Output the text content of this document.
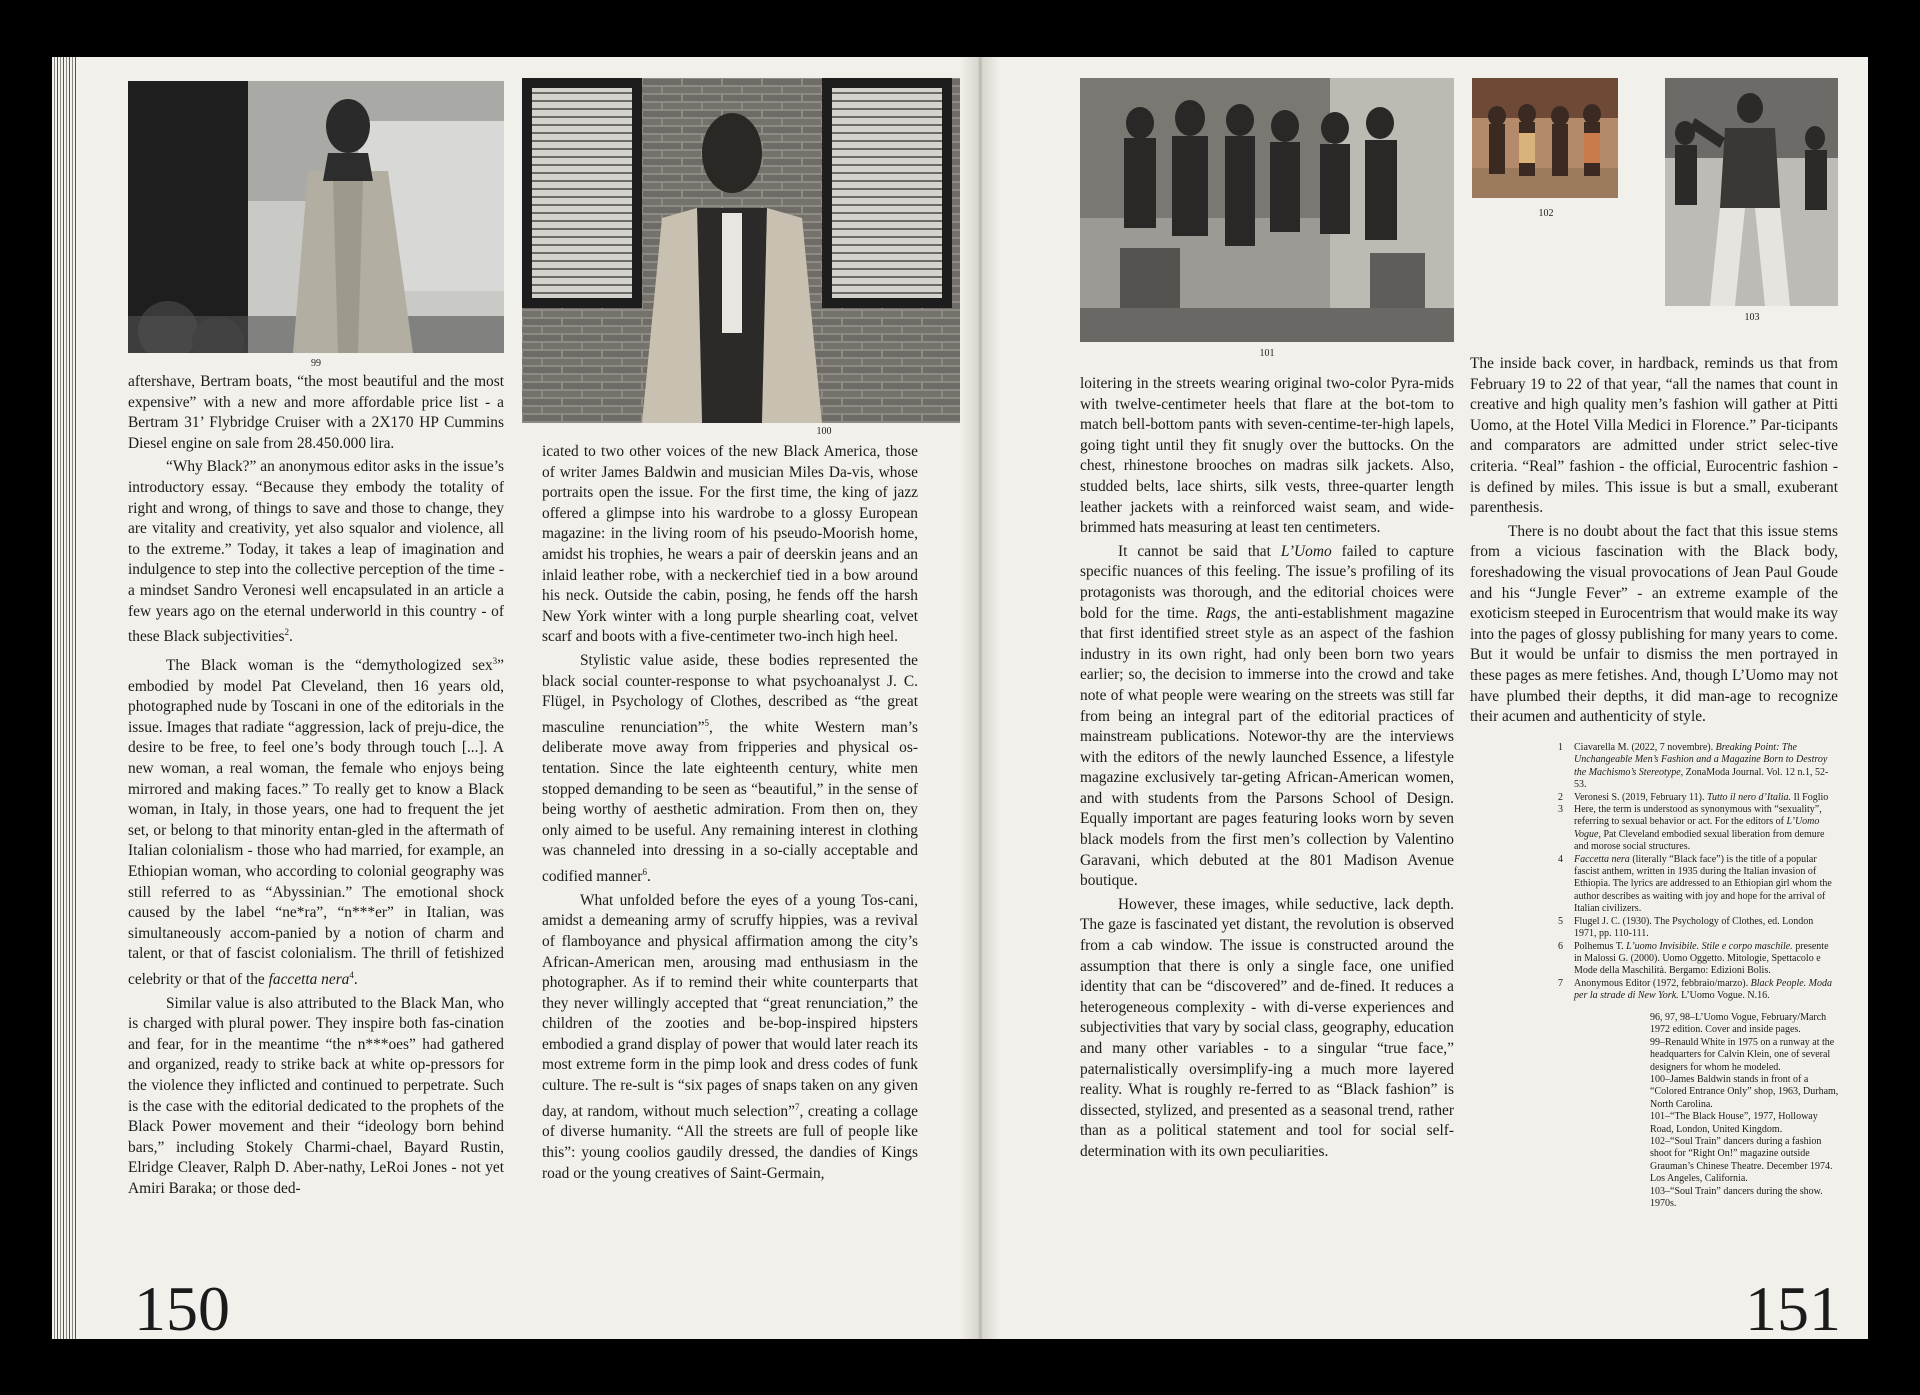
99
100

aftershave, Bertram boats, “the most beautiful and the most expensive” with a new and more affordable price list - a Bertram 31’ Flybridge Cruiser with a 2X170 HP Cummins Diesel engine on sale from 28.450.000 lira.

“Why Black?” an anonymous editor asks in the issue’s introductory essay. “Because they embody the totality of right and wrong, of things to save and those to change, they are vitality and creativity, yet also squalor and violence, all to the extreme.” Today, it takes a leap of imagination and indulgence to step into the collective perception of the time - a mindset Sandro Veronesi well encapsulated in an article a few years ago on the eternal underworld in this country - of these Black subjectivities$^2$.

The Black woman is the “demythologized sex$^3$” embodied by model Pat Cleveland, then 16 years old, photographed nude by Toscani in one of the editorials in the issue. Images that radiate “aggression, lack of preju-dice, the desire to be free, to feel one’s body through touch [...]. A new woman, a real woman, the female who enjoys being mirrored and making faces.” To really get to know a Black woman, in Italy, in those years, one had to frequent the jet set, or belong to that minority entan-gled in the aftermath of Italian colonialism - those who had married, for example, an Ethiopian woman, who according to colonial geography was still referred to as “Abyssinian.” The emotional shock caused by the label “ne*ra”, “n***er” in Italian, was simultaneously accom-panied by a notion of charm and talent, or that of fascist colonialism. The thrill of fetishized celebrity or that of the faccetta nera$^4$.

Similar value is also attributed to the Black Man, who is charged with plural power. They inspire both fas-cination and fear, for in the meantime “the n***oes” had gathered and organized, ready to strike back at white op-pressors for the violence they inflicted and continued to perpetrate. Such is the case with the editorial dedicated to the prophets of the Black Power movement and their “ideology born behind bars,” including Stokely Charmi-chael, Bayard Rustin, Elridge Cleaver, Ralph D. Aber-nathy, LeRoi Jones - not yet Amiri Baraka; or those ded-

icated to two other voices of the new Black America, those of writer James Baldwin and musician Miles Da-vis, whose portraits open the issue. For the first time, the king of jazz offered a glimpse into his wardrobe to a glossy European magazine: in the living room of his pseudo-Moorish home, amidst his trophies, he wears a pair of deerskin jeans and an inlaid leather robe, with a neckerchief tied in a bow around his neck. Outside the cabin, posing, he fends off the harsh New York winter with a long purple shearling coat, velvet scarf and boots with a five-centimeter two-inch high heel.

Stylistic value aside, these bodies represented the black social counter-response to what psychoanalyst J. C. Flügel, in Psychology of Clothes, described as “the great masculine renunciation”$^5$, the white Western man’s deliberate move away from fripperies and physical os-tentation. Since the late eighteenth century, white men stopped demanding to be seen as “beautiful,” in the sense of being worthy of aesthetic admiration. From then on, they only aimed to be useful. Any remaining interest in clothing was channeled into dressing in a so-cially acceptable and codified manner$^6$.

What unfolded before the eyes of a young Tos-cani, amidst a demeaning army of scruffy hippies, was a revival of flamboyance and physical affirmation among the city’s African-American men, arousing mad enthusiasm in the photographer. As if to remind their white counterparts that they never willingly accepted that “great renunciation,” the children of the zooties and be-bop-inspired hipsters embodied a grand display of power that would later reach its most extreme form in the pimp look and dress codes of funk culture. The re-sult is “six pages of snaps taken on any given day, at random, without much selection”$^7$, creating a collage of diverse humanity. “All the streets are full of people like this”: young coolios gaudily dressed, the dandies of Kings road or the young creatives of Saint-Germain,

150
101
102
103

loitering in the streets wearing original two-color Pyra-mids with twelve-centimeter heels that flare at the bot-tom to match bell-bottom pants with seven-centime-ter-high lapels, going tight until they fit snugly over the buttocks. On the chest, rhinestone brooches on madras silk jackets. Also, studded belts, lace shirts, silk vests, three-quarter length leather jackets with a reinforced waist seam, and wide-brimmed hats measuring at least ten centimeters.

It cannot be said that L’Uomo failed to capture specific nuances of this feeling. The issue’s profiling of its protagonists was thorough, and the editorial choices were bold for the time. Rags, the anti-establishment magazine that first identified street style as an aspect of the fashion industry in its own right, had only been born two years earlier; so, the decision to immerse into the crowd and take note of what people were wearing on the streets was still far from being an integral part of the editorial practices of mainstream publications. Notewor-thy are the interviews with the editors of the newly launched Essence, a lifestyle magazine exclusively tar-geting African-American women, and with students from the Parsons School of Design. Equally important are pages featuring looks worn by seven black models from the first men’s collection by Valentino Garavani, which debuted at the 801 Madison Avenue boutique.

However, these images, while seductive, lack depth. The gaze is fascinated yet distant, the revolution is observed from a cab window. The issue is constructed around the assumption that there is only a single face, one unified identity that can be “discovered” and de-fined. It reduces a heterogeneous complexity - with di-verse experiences and subjectivities that vary by social class, geography, education and many other variables - to a singular “true face,” paternalistically oversimplify-ing a much more layered reality. What is roughly re-ferred to as “Black fashion” is dissected, stylized, and presented as a seasonal trend, rather than as a political statement and tool for social self-determination with its own peculiarities.

The inside back cover, in hardback, reminds us that from February 19 to 22 of that year, “all the names that count in creative and high quality men’s fashion will gather at Pitti Uomo, at the Hotel Villa Medici in Florence.” Par-ticipants and comparators are admitted under strict selec-tive criteria. “Real” fashion - the official, Eurocentric fashion - is defined by miles. This issue is but a small, exuberant parenthesis.

There is no doubt about the fact that this issue stems from a vicious fascination with the Black body, foreshadowing the visual provocations of Jean Paul Goude and his “Jungle Fever” - an extreme example of the exoticism steeped in Eurocentrism that would make its way into the pages of glossy publishing for many years to come. But it would be unfair to dismiss the men portrayed in these pages as mere fetishes. And, though L’Uomo may not have plumbed their depths, it did man-age to recognize their acumen and authenticity of style.

1 Ciavarella M. (2022, 7 novembre). Breaking Point: The Unchangeable Men’s Fashion and a Magazine Born to Destroy the Machismo’s Stereotype, ZonaModa Journal. Vol. 12 n.1, 52-53.
2 Veronesi S. (2019, February 11). Tutto il nero d’Italia. Il Foglio
3 Here, the term is understood as synonymous with “sexuality”, referring to sexual behavior or act. For the editors of L’Uomo Vogue, Pat Cleveland embodied sexual liberation from demure and morose social structures.
4 Faccetta nera (literally “Black face”) is the title of a popular fascist anthem, written in 1935 during the Italian invasion of Ethiopia. The lyrics are addressed to an Ethiopian girl whom the author describes as waiting with joy and hope for the arrival of Italian civilizers.
5 Flugel J. C. (1930). The Psychology of Clothes, ed. London 1971, pp. 110-111.
6 Polhemus T. L’uomo Invisibile. Stile e corpo maschile. presente in Malossi G. (2000). Uomo Oggetto. Mitologie, Spettacolo e Mode della Maschilità. Bergamo: Edizioni Bolis.
7 Anonymous Editor (1972, febbraio/marzo). Black People. Moda per la strade di New York. L’Uomo Vogue. N.16.
96, 97, 98–L’Uomo Vogue, February/March 1972 edition. Cover and inside pages.
99–Renauld White in 1975 on a runway at the headquarters for Calvin Klein, one of several designers for whom he modeled.
100–James Baldwin stands in front of a “Colored Entrance Only” shop, 1963, Durham, North Carolina.
101–“The Black House”, 1977, Holloway Road, London, United Kingdom.
102–“Soul Train” dancers during a fashion shoot for “Right On!” magazine outside Grauman’s Chinese Theatre. December 1974. Los Angeles, California.
103–“Soul Train” dancers during the show. 1970s.
151
